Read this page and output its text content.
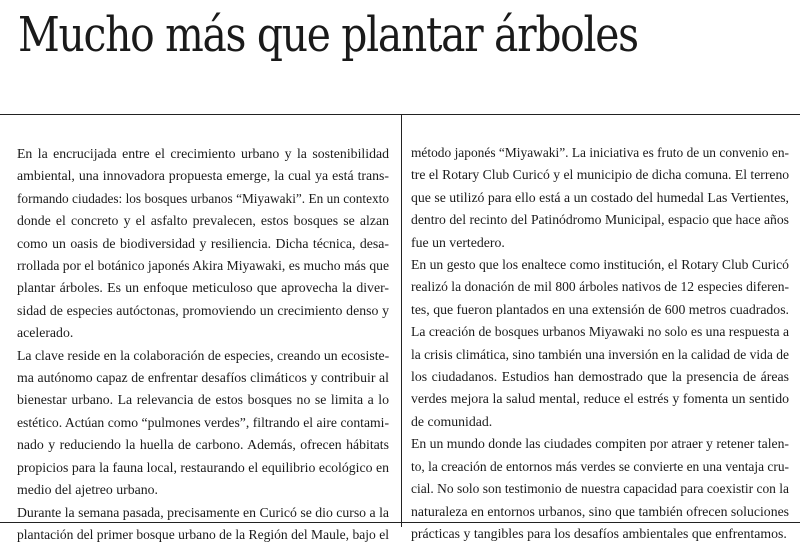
Mucho más que plantar árboles
En la encrucijada entre el crecimiento urbano y la sostenibilidad
ambiental, una innovadora propuesta emerge, la cual ya está trans-
formando ciudades: los bosques urbanos “Miyawaki”. En un contexto
donde el concreto y el asfalto prevalecen, estos bosques se alzan
como un oasis de biodiversidad y resiliencia. Dicha técnica, desa-
rrollada por el botánico japonés Akira Miyawaki, es mucho más que
plantar árboles. Es un enfoque meticuloso que aprovecha la diver-
sidad de especies autóctonas, promoviendo un crecimiento denso y
acelerado.
La clave reside en la colaboración de especies, creando un ecosiste-
ma autónomo capaz de enfrentar desafíos climáticos y contribuir al
bienestar urbano. La relevancia de estos bosques no se limita a lo
estético. Actúan como “pulmones verdes”, filtrando el aire contami-
nado y reduciendo la huella de carbono. Además, ofrecen hábitats
propicios para la fauna local, restaurando el equilibrio ecológico en
medio del ajetreo urbano.
Durante la semana pasada, precisamente en Curicó se dio curso a la
plantación del primer bosque urbano de la Región del Maule, bajo el
método japonés “Miyawaki”. La iniciativa es fruto de un convenio en-
tre el Rotary Club Curicó y el municipio de dicha comuna. El terreno
que se utilizó para ello está a un costado del humedal Las Vertientes,
dentro del recinto del Patinódromo Municipal, espacio que hace años
fue un vertedero.
En un gesto que los enaltece como institución, el Rotary Club Curicó
realizó la donación de mil 800 árboles nativos de 12 especies diferen-
tes, que fueron plantados en una extensión de 600 metros cuadrados.
La creación de bosques urbanos Miyawaki no solo es una respuesta a
la crisis climática, sino también una inversión en la calidad de vida de
los ciudadanos. Estudios han demostrado que la presencia de áreas
verdes mejora la salud mental, reduce el estrés y fomenta un sentido
de comunidad.
En un mundo donde las ciudades compiten por atraer y retener talen-
to, la creación de entornos más verdes se convierte en una ventaja cru-
cial. No solo son testimonio de nuestra capacidad para coexistir con la
naturaleza en entornos urbanos, sino que también ofrecen soluciones
prácticas y tangibles para los desafíos ambientales que enfrentamos.
